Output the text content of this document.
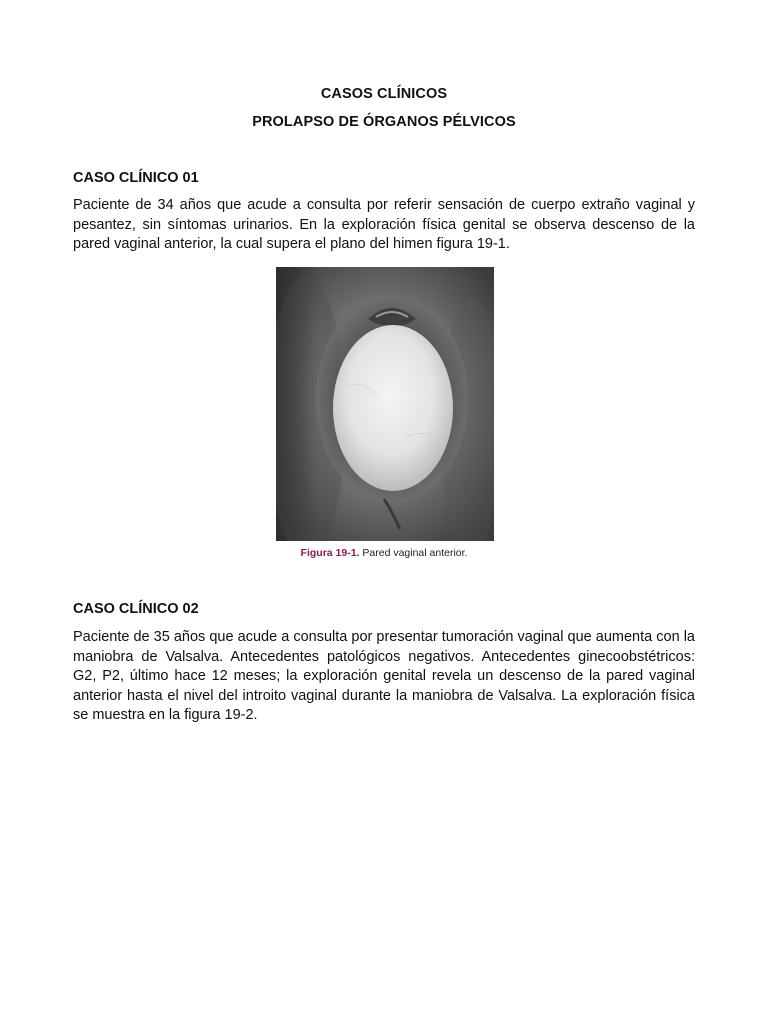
CASOS CLÍNICOS
PROLAPSO DE ÓRGANOS PÉLVICOS
CASO CLÍNICO 01
Paciente de 34 años que acude a consulta por referir sensación de cuerpo extraño vaginal y pesantez, sin síntomas urinarios. En la exploración física genital se observa descenso de la pared vaginal anterior, la cual supera el plano del himen figura 19-1.
Figura 19-1. Pared vaginal anterior.
CASO CLÍNICO 02
Paciente de 35 años que acude a consulta por presentar tumoración vaginal que aumenta con la maniobra de Valsalva. Antecedentes patológicos negativos. Antecedentes ginecoobstétricos: G2, P2, último hace 12 meses; la exploración genital revela un descenso de la pared vaginal anterior hasta el nivel del introito vaginal durante la maniobra de Valsalva. La exploración física se muestra en la figura 19-2.
